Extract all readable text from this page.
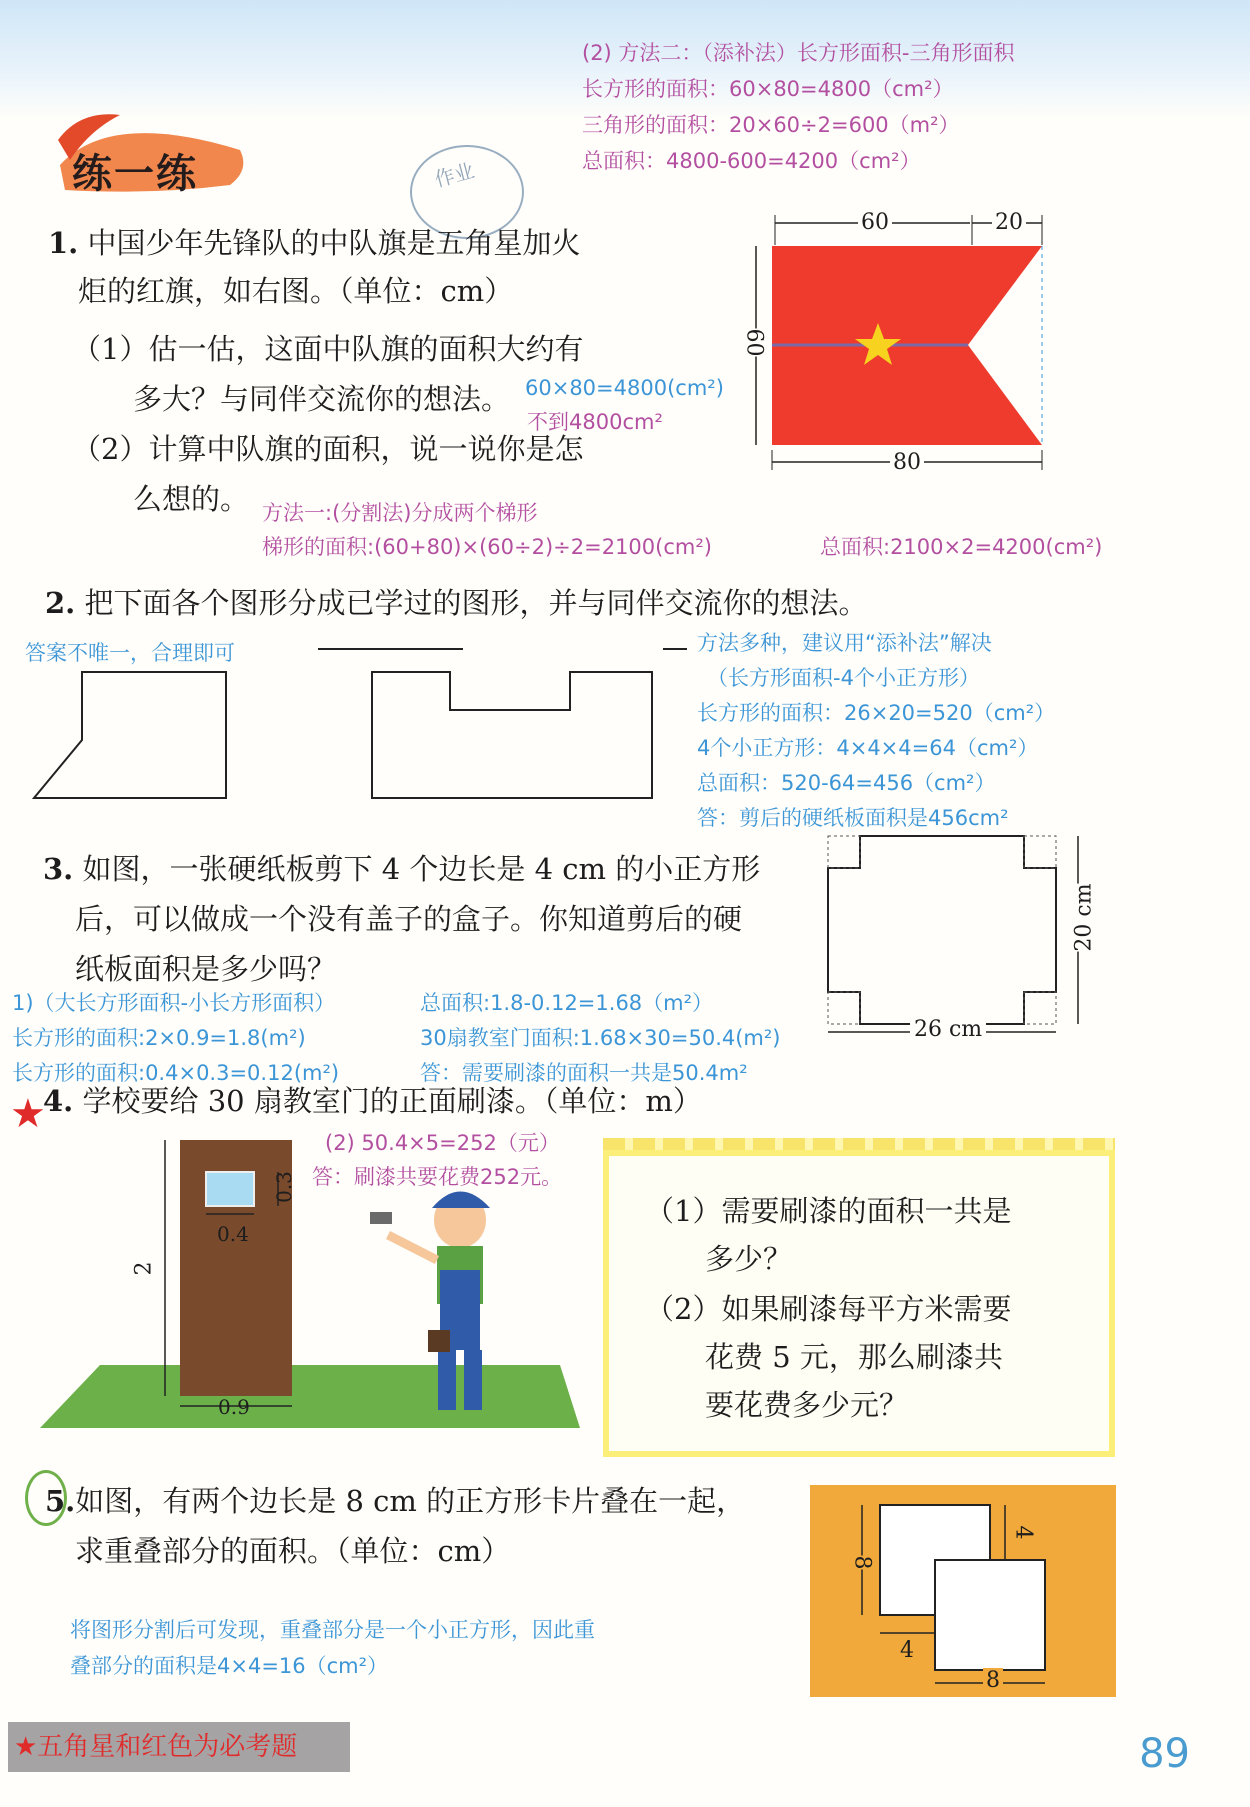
(2) 方法二：（添补法）长方形面积-三角形面积
长方形的面积：60×80=4800（cm²）
三角形的面积：20×60÷2=600（m²）
总面积：4800-600=4200（cm²）
练一练	作业
1. 中国少年先锋队的中队旗是五角星加火
炬的红旗，如右图。（单位：cm）
（1）估一估，这面中队旗的面积大约有
多大？与同伴交流你的想法。 60×80=4800(cm²)
不到4800cm²
（2）计算中队旗的面积，说一说你是怎
么想的。 方法一:(分割法)分成两个梯形
梯形的面积:(60+80)×(60÷2)÷2=2100(cm²)	总面积:2100×2=4200(cm²)
60	20
60
80
2. 把下面各个图形分成已学过的图形，并与同伴交流你的想法。
答案不唯一，合理即可	方法多种，建议用“添补法”解决
（长方形面积-4个小正方形）
长方形的面积：26×20=520（cm²）
4个小正方形：4×4×4=64（cm²）
总面积：520-64=456（cm²）
答：剪后的硬纸板面积是456cm²
3. 如图，一张硬纸板剪下 4 个边长是 4 cm 的小正方形
后，可以做成一个没有盖子的盒子。你知道剪后的硬
纸板面积是多少吗？
20 cm
26 cm
1)（大长方形面积-小长方形面积）
长方形的面积:2×0.9=1.8(m²)
长方形的面积:0.4×0.3=0.12(m²)
总面积:1.8-0.12=1.68（m²）
30扇教室门面积:1.68×30=50.4(m²)
答：需要刷漆的面积一共是50.4m²
★
4. 学校要给 30 扇教室门的正面刷漆。（单位：m）
(2) 50.4×5=252（元）
答：刷漆共要花费252元。
2
0.3
0.4
0.9
（1）需要刷漆的面积一共是
多少？
（2）如果刷漆每平方米需要
花费 5 元，那么刷漆共
要花费多少元？
5.如图，有两个边长是 8 cm 的正方形卡片叠在一起，
求重叠部分的面积。（单位：cm）
将图形分割后可发现，重叠部分是一个小正方形，因此重
叠部分的面积是4×4=16（cm²）
8
4
4
8
★五角星和红色为必考题	89
